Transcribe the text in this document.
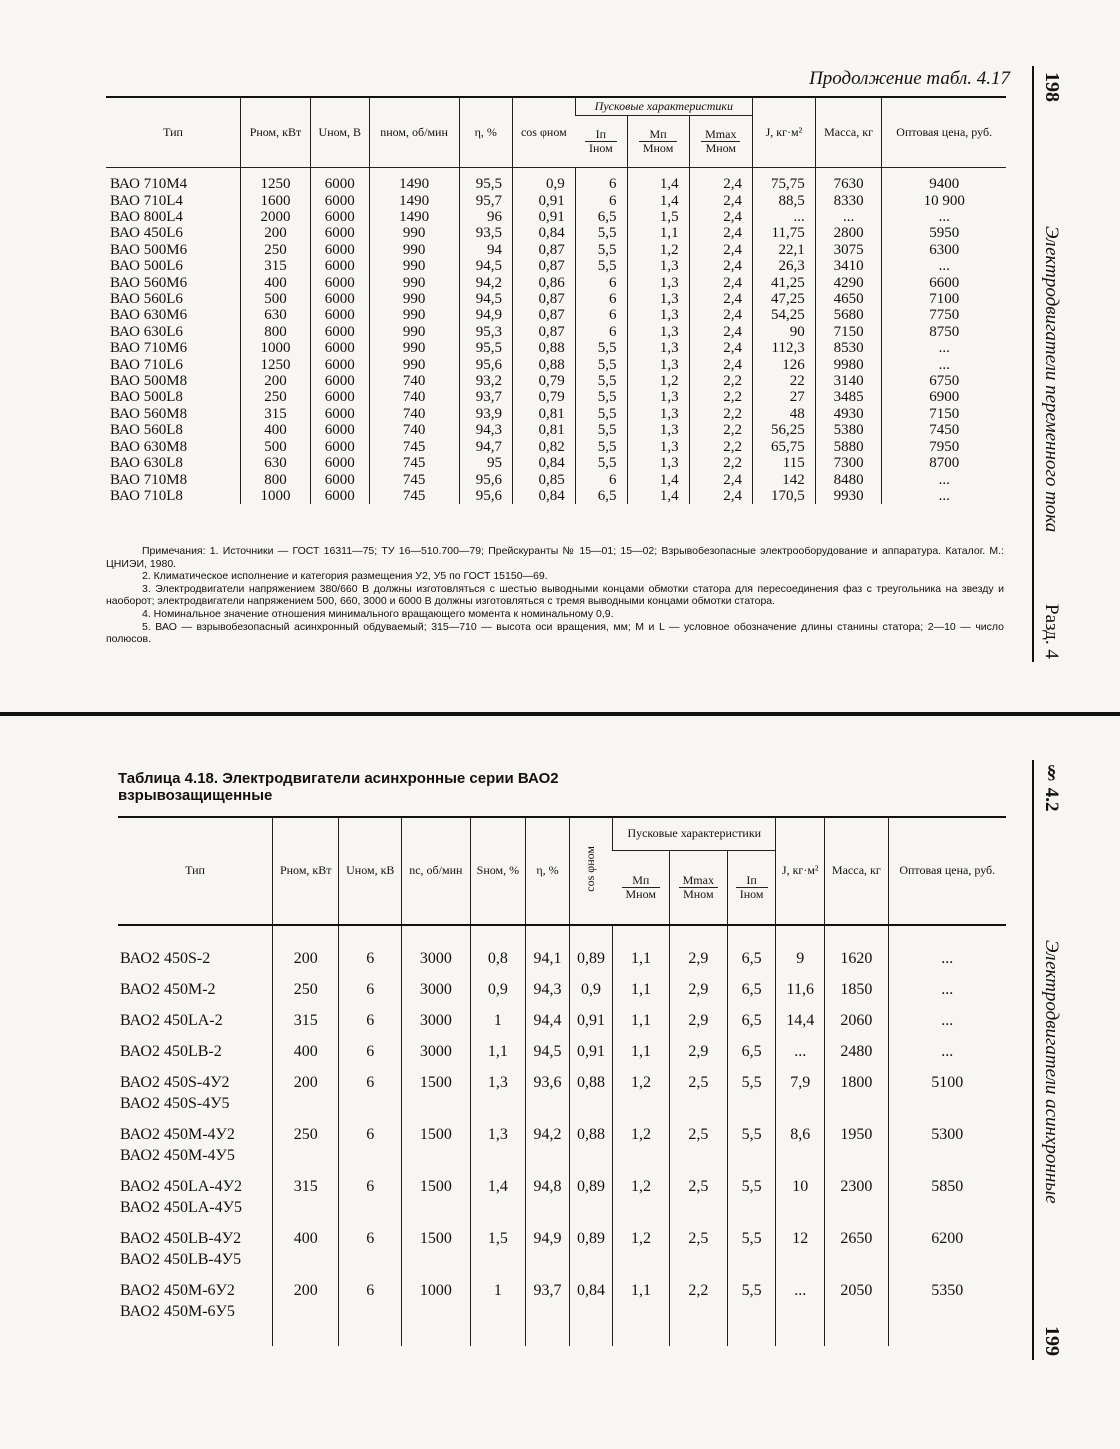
Продолжение табл. 4.17 198
Электродвигатели переменного тока
Разд. 4
§ 4.2
Электродвигатели асинхронные
199
Тип	Pном, кВт	Uном, В	nном, об/мин	η, %	cos φном	Пусковые характеристики			J, кг·м²	Масса, кг	Оптовая цена, руб.

						$\frac{Iп}{\text{Iном}}$	$\frac{Mп}{\text{Mном}}$	$\frac{Mmax}{\text{Mном}}$

ВАО 710М4	1250	6000	1490	95,5	0,9	6	1,4	2,4	75,75	7630	9400
ВАО 710L4	1600	6000	1490	95,7	0,91	6	1,4	2,4	88,5	8330	10 900
ВАО 800L4	2000	6000	1490	96	0,91	6,5	1,5	2,4	...	...	...
ВАО 450L6	200	6000	990	93,5	0,84	5,5	1,1	2,4	11,75	2800	5950
ВАО 500М6	250	6000	990	94	0,87	5,5	1,2	2,4	22,1	3075	6300
ВАО 500L6	315	6000	990	94,5	0,87	5,5	1,3	2,4	26,3	3410	...
ВАО 560М6	400	6000	990	94,2	0,86	6	1,3	2,4	41,25	4290	6600
ВАО 560L6	500	6000	990	94,5	0,87	6	1,3	2,4	47,25	4650	7100
ВАО 630М6	630	6000	990	94,9	0,87	6	1,3	2,4	54,25	5680	7750
ВАО 630L6	800	6000	990	95,3	0,87	6	1,3	2,4	90	7150	8750
ВАО 710М6	1000	6000	990	95,5	0,88	5,5	1,3	2,4	112,3	8530	...
ВАО 710L6	1250	6000	990	95,6	0,88	5,5	1,3	2,4	126	9980	...
ВАО 500М8	200	6000	740	93,2	0,79	5,5	1,2	2,2	22	3140	6750
ВАО 500L8	250	6000	740	93,7	0,79	5,5	1,3	2,2	27	3485	6900
ВАО 560М8	315	6000	740	93,9	0,81	5,5	1,3	2,2	48	4930	7150
ВАО 560L8	400	6000	740	94,3	0,81	5,5	1,3	2,2	56,25	5380	7450
ВАО 630М8	500	6000	745	94,7	0,82	5,5	1,3	2,2	65,75	5880	7950
ВАО 630L8	630	6000	745	95	0,84	5,5	1,3	2,2	115	7300	8700
ВАО 710М8	800	6000	745	95,6	0,85	6	1,4	2,4	142	8480	...
ВАО 710L8	1000	6000	745	95,6	0,84	6,5	1,4	2,4	170,5	9930	...

Примечания: 1. Источники — ГОСТ 16311—75; ТУ 16—510.700—79; Прейскуранты № 15—01; 15—02; Взрывобезопасные электрооборудование и аппаратура. Каталог. М.: ЦНИЭИ, 1980.

2. Климатическое исполнение и категория размещения У2, У5 по ГОСТ 15150—69.

3. Электродвигатели напряжением 380/660 В должны изготовляться с шестью выводными концами обмотки статора для пересоединения фаз с треугольника на звезду и наоборот; электродвигатели напряжением 500, 660, 3000 и 6000 В должны изготовляться с тремя выводными концами обмотки статора.

4. Номинальное значение отношения минимального вращающего момента к номинальному 0,9.

5. ВАО — взрывобезопасный асинхронный обдуваемый; 315—710 — высота оси вращения, мм; М и L — условное обозначение длины станины статора; 2—10 — число полюсов.

Таблица 4.18. Электродвигатели асинхронные серии ВАО2
взрывозащищенные
Тип	Pном, кВт	Uном, кВ	nс, об/мин	Sном, %	η, %	cos φном	Пусковые характеристики			J, кг·м²	Масса, кг	Оптовая цена, руб.

							$\frac{Mп}{\text{Mном}}$	$\frac{Mmax}{\text{Mном}}$	$\frac{Iп}{\text{Iном}}$

ВАО2 450S-2	200	6	3000	0,8	94,1	0,89	1,1	2,9	6,5	9	1620	...

ВАО2 450М-2	250	6	3000	0,9	94,3	0,9	1,1	2,9	6,5	11,6	1850	...

ВАО2 450LA-2	315	6	3000	1	94,4	0,91	1,1	2,9	6,5	14,4	2060	...

ВАО2 450LB-2	400	6	3000	1,1	94,5	0,91	1,1	2,9	6,5	...	2480	...

ВАО2 450S-4У2
ВАО2 450S-4У5	200	6	1500	1,3	93,6	0,88	1,2	2,5	5,5	7,9	1800	5100

ВАО2 450М-4У2
ВАО2 450М-4У5	250	6	1500	1,3	94,2	0,88	1,2	2,5	5,5	8,6	1950	5300

ВАО2 450LA-4У2
ВАО2 450LA-4У5	315	6	1500	1,4	94,8	0,89	1,2	2,5	5,5	10	2300	5850

ВАО2 450LB-4У2
ВАО2 450LB-4У5	400	6	1500	1,5	94,9	0,89	1,2	2,5	5,5	12	2650	6200

ВАО2 450М-6У2
ВАО2 450М-6У5	200	6	1000	1	93,7	0,84	1,1	2,2	5,5	...	2050	5350
